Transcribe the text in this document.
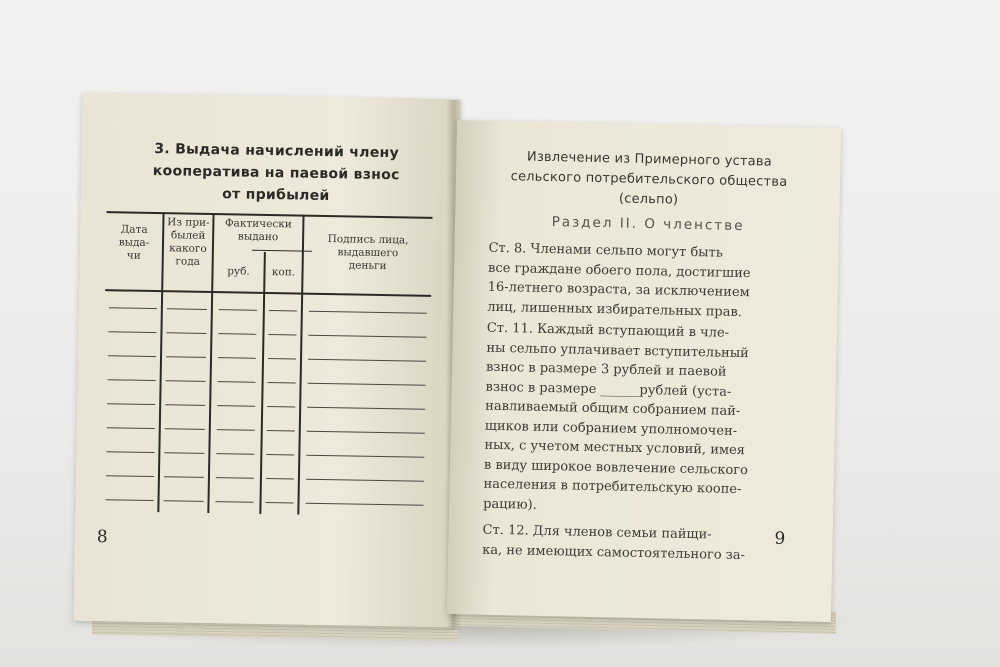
3. Выдача начислений члену
кооператива на паевой взнос
от прибылей
Дата
выда-
чи
Из при-
былей
какого
года
Фактически
выдано
руб.	коп.
Подпись лица,
выдавшего
деньги
8
Извлечение из Примерного устава
сельского потребительского общества
(сельпо)
Раздел II. О членстве
Ст. 8. Членами сельпо могут быть
все граждане обоего пола, достигшие
16-летнего возраста, за исключением
лиц, лишенных избирательных прав.
Ст. 11. Каждый вступающий в чле-
ны сельпо уплачивает вступительный
взнос в размере 3 рублей и паевой
взнос в размере ______рублей (уста-
навливаемый общим собранием пай-
щиков или собранием уполномочен-
ных, с учетом местных условий, имея
в виду широкое вовлечение сельского
населения в потребительскую коопе-
рацию).
Ст. 12. Для членов семьи пайщи-
ка, не имеющих самостоятельного за-
9
